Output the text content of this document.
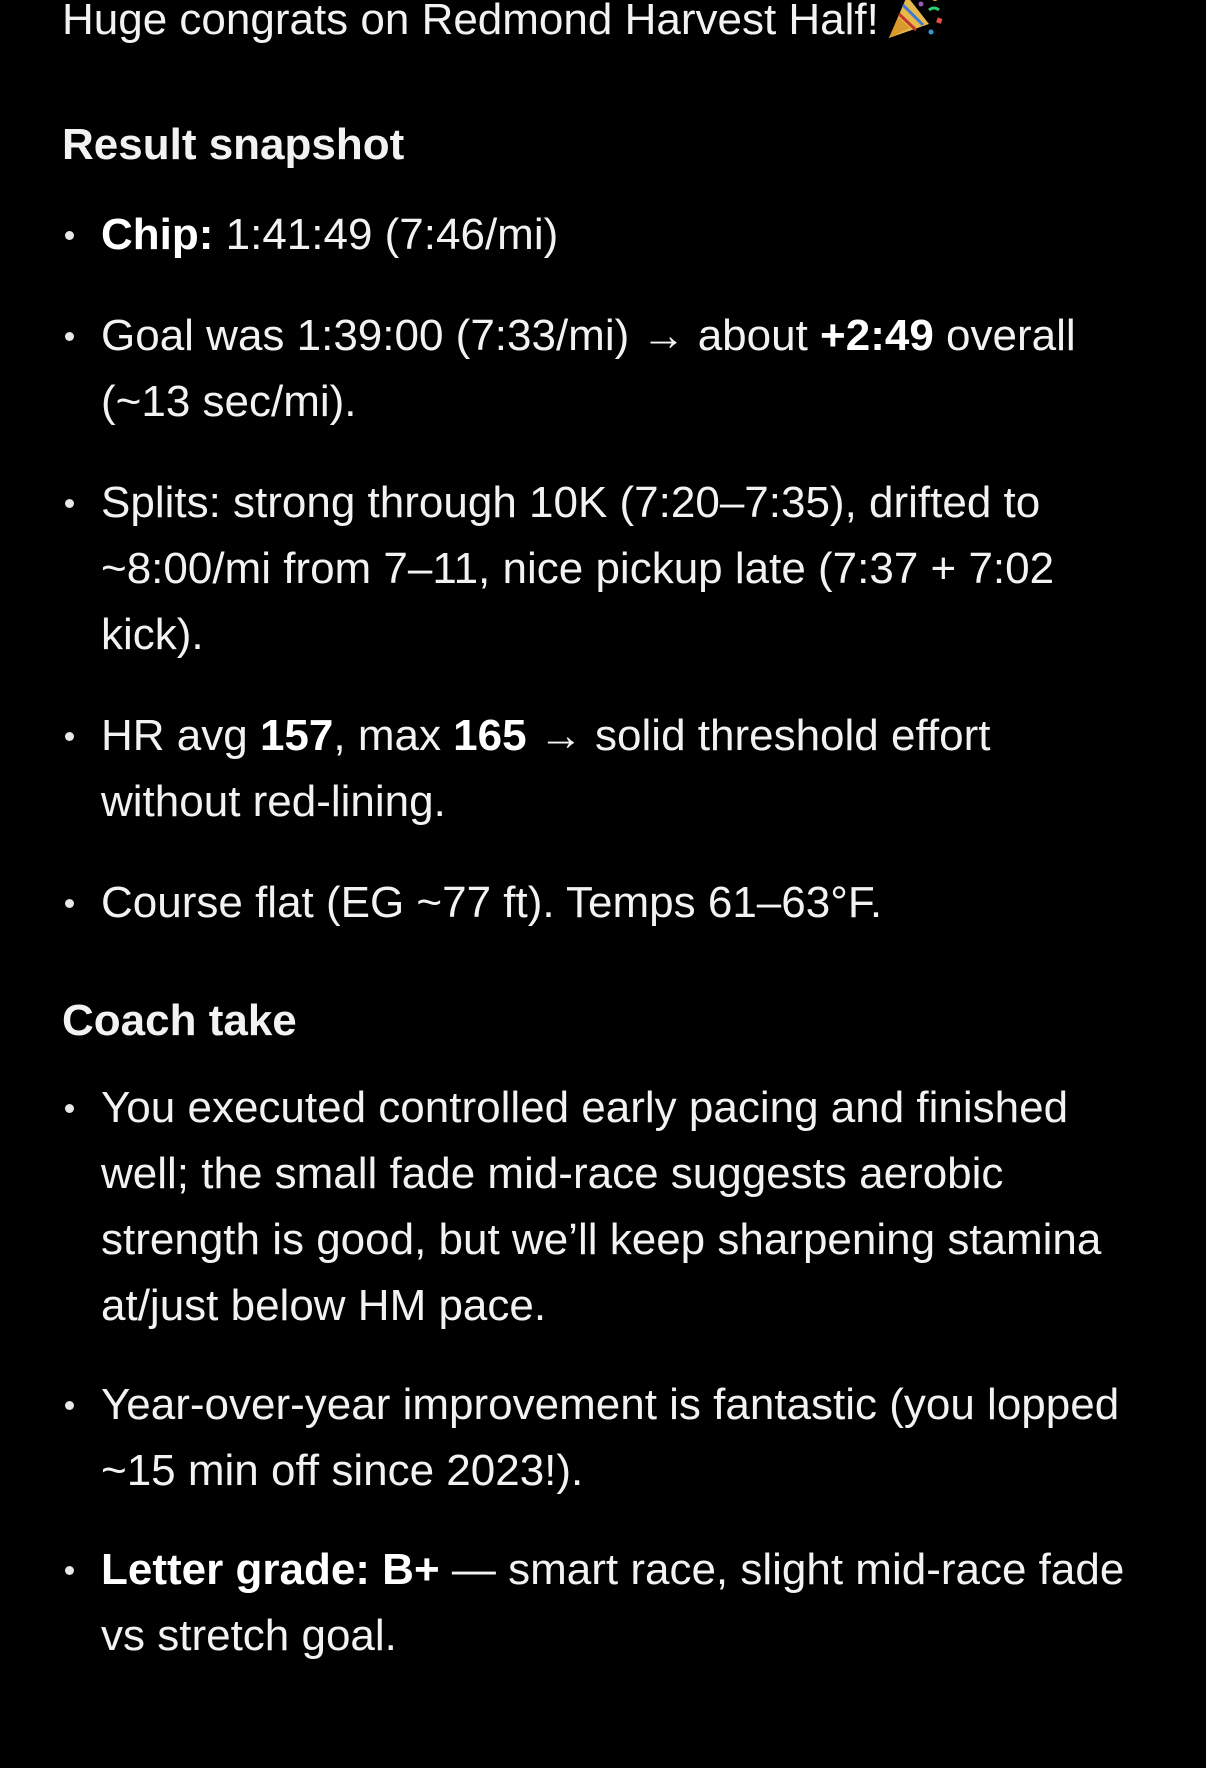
Huge congrats on Redmond Harvest Half!

Result snapshot
Chip: 1:41:49 (7:46/mi)
Goal was 1:39:00 (7:33/mi) → about +2:49 overall (~13 sec/mi).
Splits: strong through 10K (7:20–7:35), drifted to ~8:00/mi from 7–11, nice pickup late (7:37 + 7:02 kick).
HR avg 157, max 165 → solid threshold effort without red-lining.
Course flat (EG ~77 ft). Temps 61–63°F.
Coach take
You executed controlled early pacing and finished well; the small fade mid-race suggests aerobic strength is good, but we’ll keep sharpening stamina at/just below HM pace.
Year-over-year improvement is fantastic (you lopped ~15 min off since 2023!).
Letter grade: B+ — smart race, slight mid-race fade vs stretch goal.
